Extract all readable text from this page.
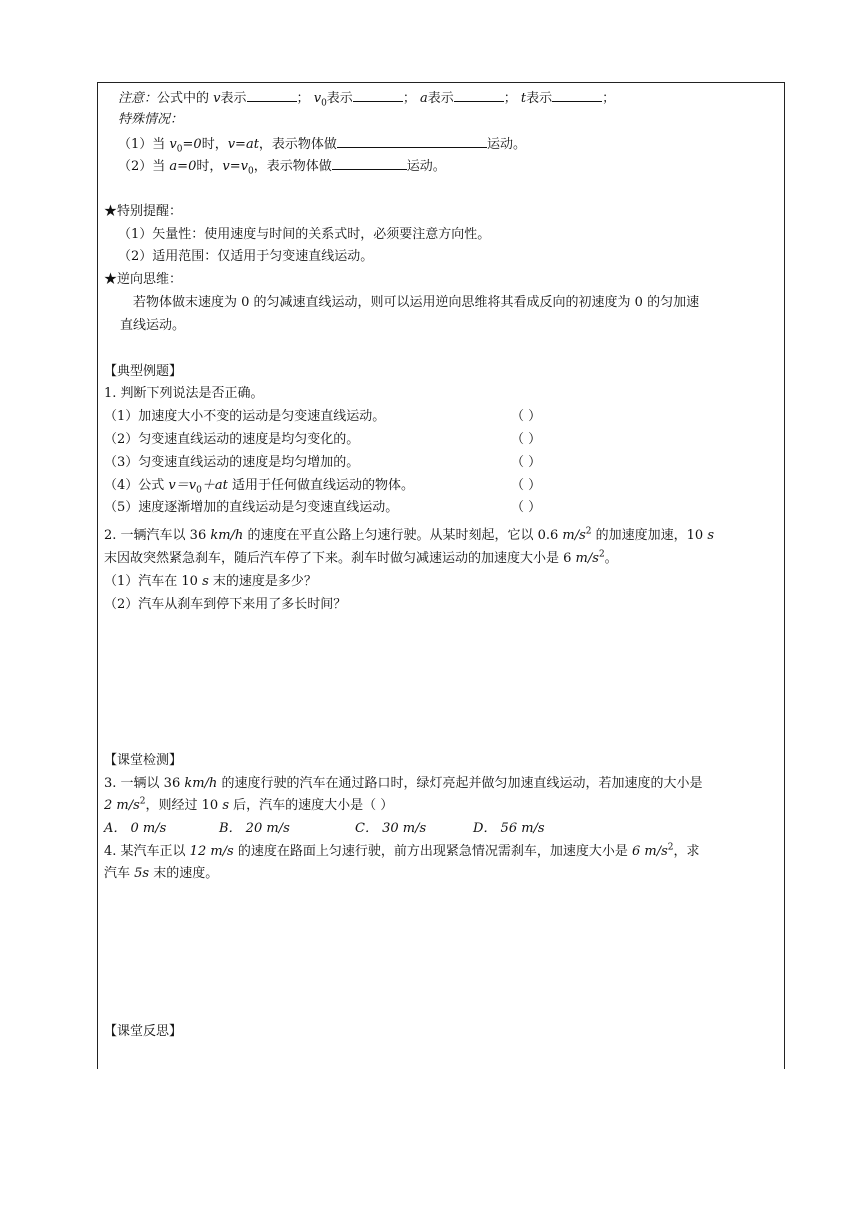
注意：公式中的 v表示	； $v_0$表示	； a表示	； t表示	；
特殊情况：
（1）当 $v_0=0$时，v=at，表示物体做	运动。
（2）当 a=0时，$v=v_0$，表示物体做	运动。
★特别提醒：
（1）矢量性：使用速度与时间的关系式时，必须要注意方向性。
（2）适用范围：仅适用于匀变速直线运动。
★逆向思维：
若物体做末速度为 0 的匀减速直线运动，则可以运用逆向思维将其看成反向的初速度为 0 的匀加速
直线运动。
【典型例题】
1. 判断下列说法是否正确。
（1）加速度大小不变的运动是匀变速直线运动。	（ ）
（2）匀变速直线运动的速度是均匀变化的。	（ ）
（3）匀变速直线运动的速度是均匀增加的。	（ ）
（4）公式 $v=v_0+at$ 适用于任何做直线运动的物体。	（ ）
（5）速度逐渐增加的直线运动是匀变速直线运动。	（ ）
2. 一辆汽车以 36 km/h 的速度在平直公路上匀速行驶。从某时刻起，它以 0.6 $m/s^2$ 的加速度加速，10 s
末因故突然紧急刹车，随后汽车停了下来。刹车时做匀减速运动的加速度大小是 6 $m/s^2$。
（1）汽车在 10 s 末的速度是多少？
（2）汽车从刹车到停下来用了多长时间？
【课堂检测】
3. 一辆以 36 km/h 的速度行驶的汽车在通过路口时，绿灯亮起并做匀加速直线运动，若加速度的大小是
2 $m/s^2$，则经过 10 s 后，汽车的速度大小是（ ）
A． 0 m/s	B． 20 m/s	C． 30 m/s	D． 56 m/s
4. 某汽车正以 12 m/s 的速度在路面上匀速行驶，前方出现紧急情况需刹车，加速度大小是 6 $m/s^2$，求
汽车 5s 末的速度。
【课堂反思】
